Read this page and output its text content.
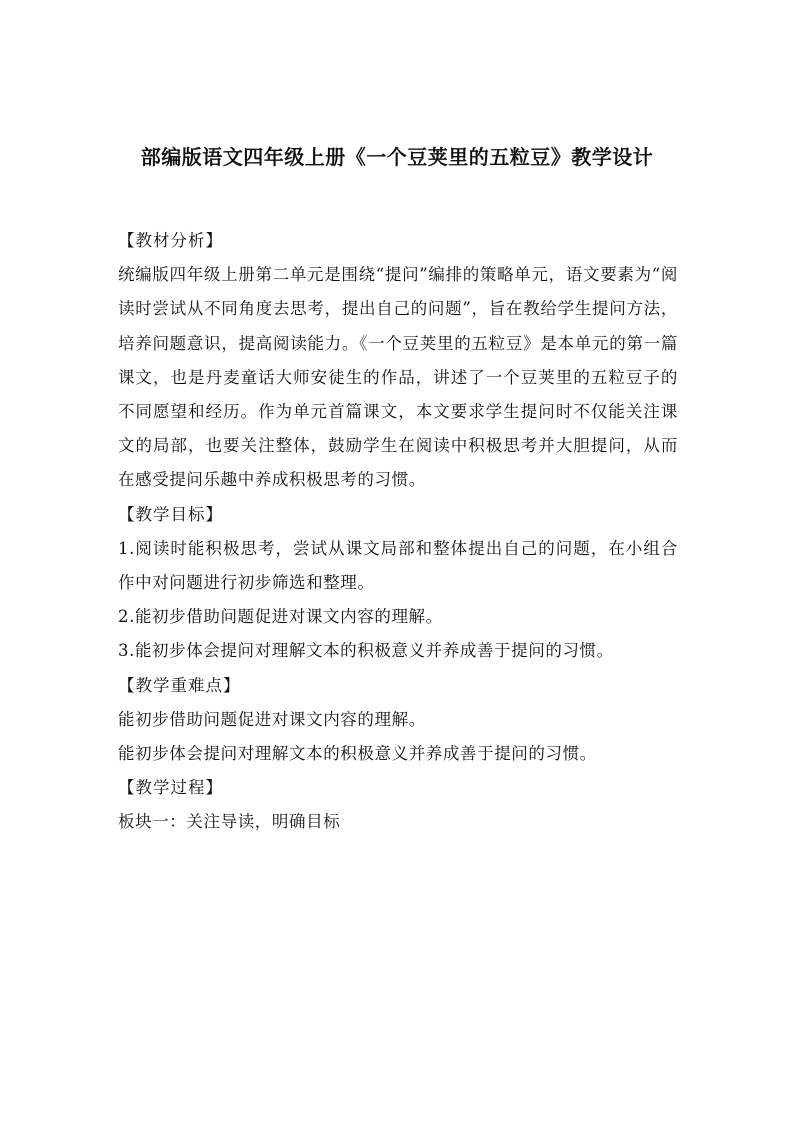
部编版语文四年级上册《一个豆荚里的五粒豆》教学设计

【教材分析】

统编版四年级上册第二单元是围绕“提问”编排的策略单元，语文要素为“阅读时尝试从不同角度去思考，提出自己的问题”，旨在教给学生提问方法，培养问题意识，提高阅读能力。《一个豆荚里的五粒豆》是本单元的第一篇课文，也是丹麦童话大师安徒生的作品，讲述了一个豆荚里的五粒豆子的不同愿望和经历。作为单元首篇课文，本文要求学生提问时不仅能关注课文的局部，也要关注整体，鼓励学生在阅读中积极思考并大胆提问，从而在感受提问乐趣中养成积极思考的习惯。

【教学目标】

1.阅读时能积极思考，尝试从课文局部和整体提出自己的问题，在小组合作中对问题进行初步筛选和整理。

2.能初步借助问题促进对课文内容的理解。

3.能初步体会提问对理解文本的积极意义并养成善于提问的习惯。

【教学重难点】

能初步借助问题促进对课文内容的理解。

能初步体会提问对理解文本的积极意义并养成善于提问的习惯。

【教学过程】

板块一：关注导读，明确目标
